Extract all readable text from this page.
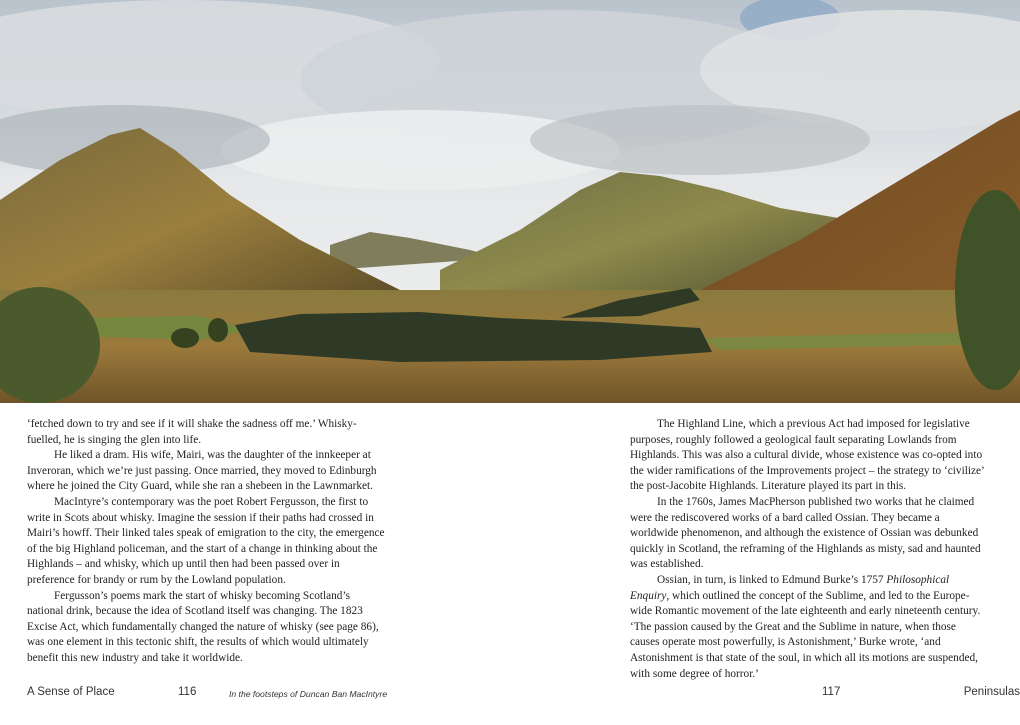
‘fetched down to try and see if it will shake the sadness off me.’ Whisky-fuelled, he is singing the glen into life.

He liked a dram. His wife, Mairi, was the daughter of the innkeeper at Inveroran, which we’re just passing. Once married, they moved to Edinburgh where he joined the City Guard, while she ran a shebeen in the Lawnmarket.

MacIntyre’s contemporary was the poet Robert Fergusson, the first to write in Scots about whisky. Imagine the session if their paths had crossed in Mairi’s howff. Their linked tales speak of emigration to the city, the emergence of the big Highland policeman, and the start of a change in thinking about the Highlands – and whisky, which up until then had been passed over in preference for brandy or rum by the Lowland population.

Fergusson’s poems mark the start of whisky becoming Scotland’s national drink, because the idea of Scotland itself was changing. The 1823 Excise Act, which fundamentally changed the nature of whisky (see page 86), was one element in this tectonic shift, the results of which would ultimately benefit this new industry and take it worldwide.

The Highland Line, which a previous Act had imposed for legislative purposes, roughly followed a geological fault separating Lowlands from Highlands. This was also a cultural divide, whose existence was co-opted into the wider ramifications of the Improvements project – the strategy to ‘civilize’ the post-Jacobite Highlands. Literature played its part in this.

In the 1760s, James MacPherson published two works that he claimed were the rediscovered works of a bard called Ossian. They became a worldwide phenomenon, and although the existence of Ossian was debunked quickly in Scotland, the reframing of the Highlands as misty, sad and haunted was established.

Ossian, in turn, is linked to Edmund Burke’s 1757 Philosophical Enquiry, which outlined the concept of the Sublime, and led to the Europe-wide Romantic movement of the late eighteenth and early nineteenth century. ‘The passion caused by the Great and the Sublime in nature, when those causes operate most powerfully, is Astonishment,’ Burke wrote, ‘and Astonishment is that state of the soul, in which all its motions are suspended, with some degree of horror.’

A Sense of Place	116	In the footsteps of Duncan Ban MacIntyre	117	Peninsulas
